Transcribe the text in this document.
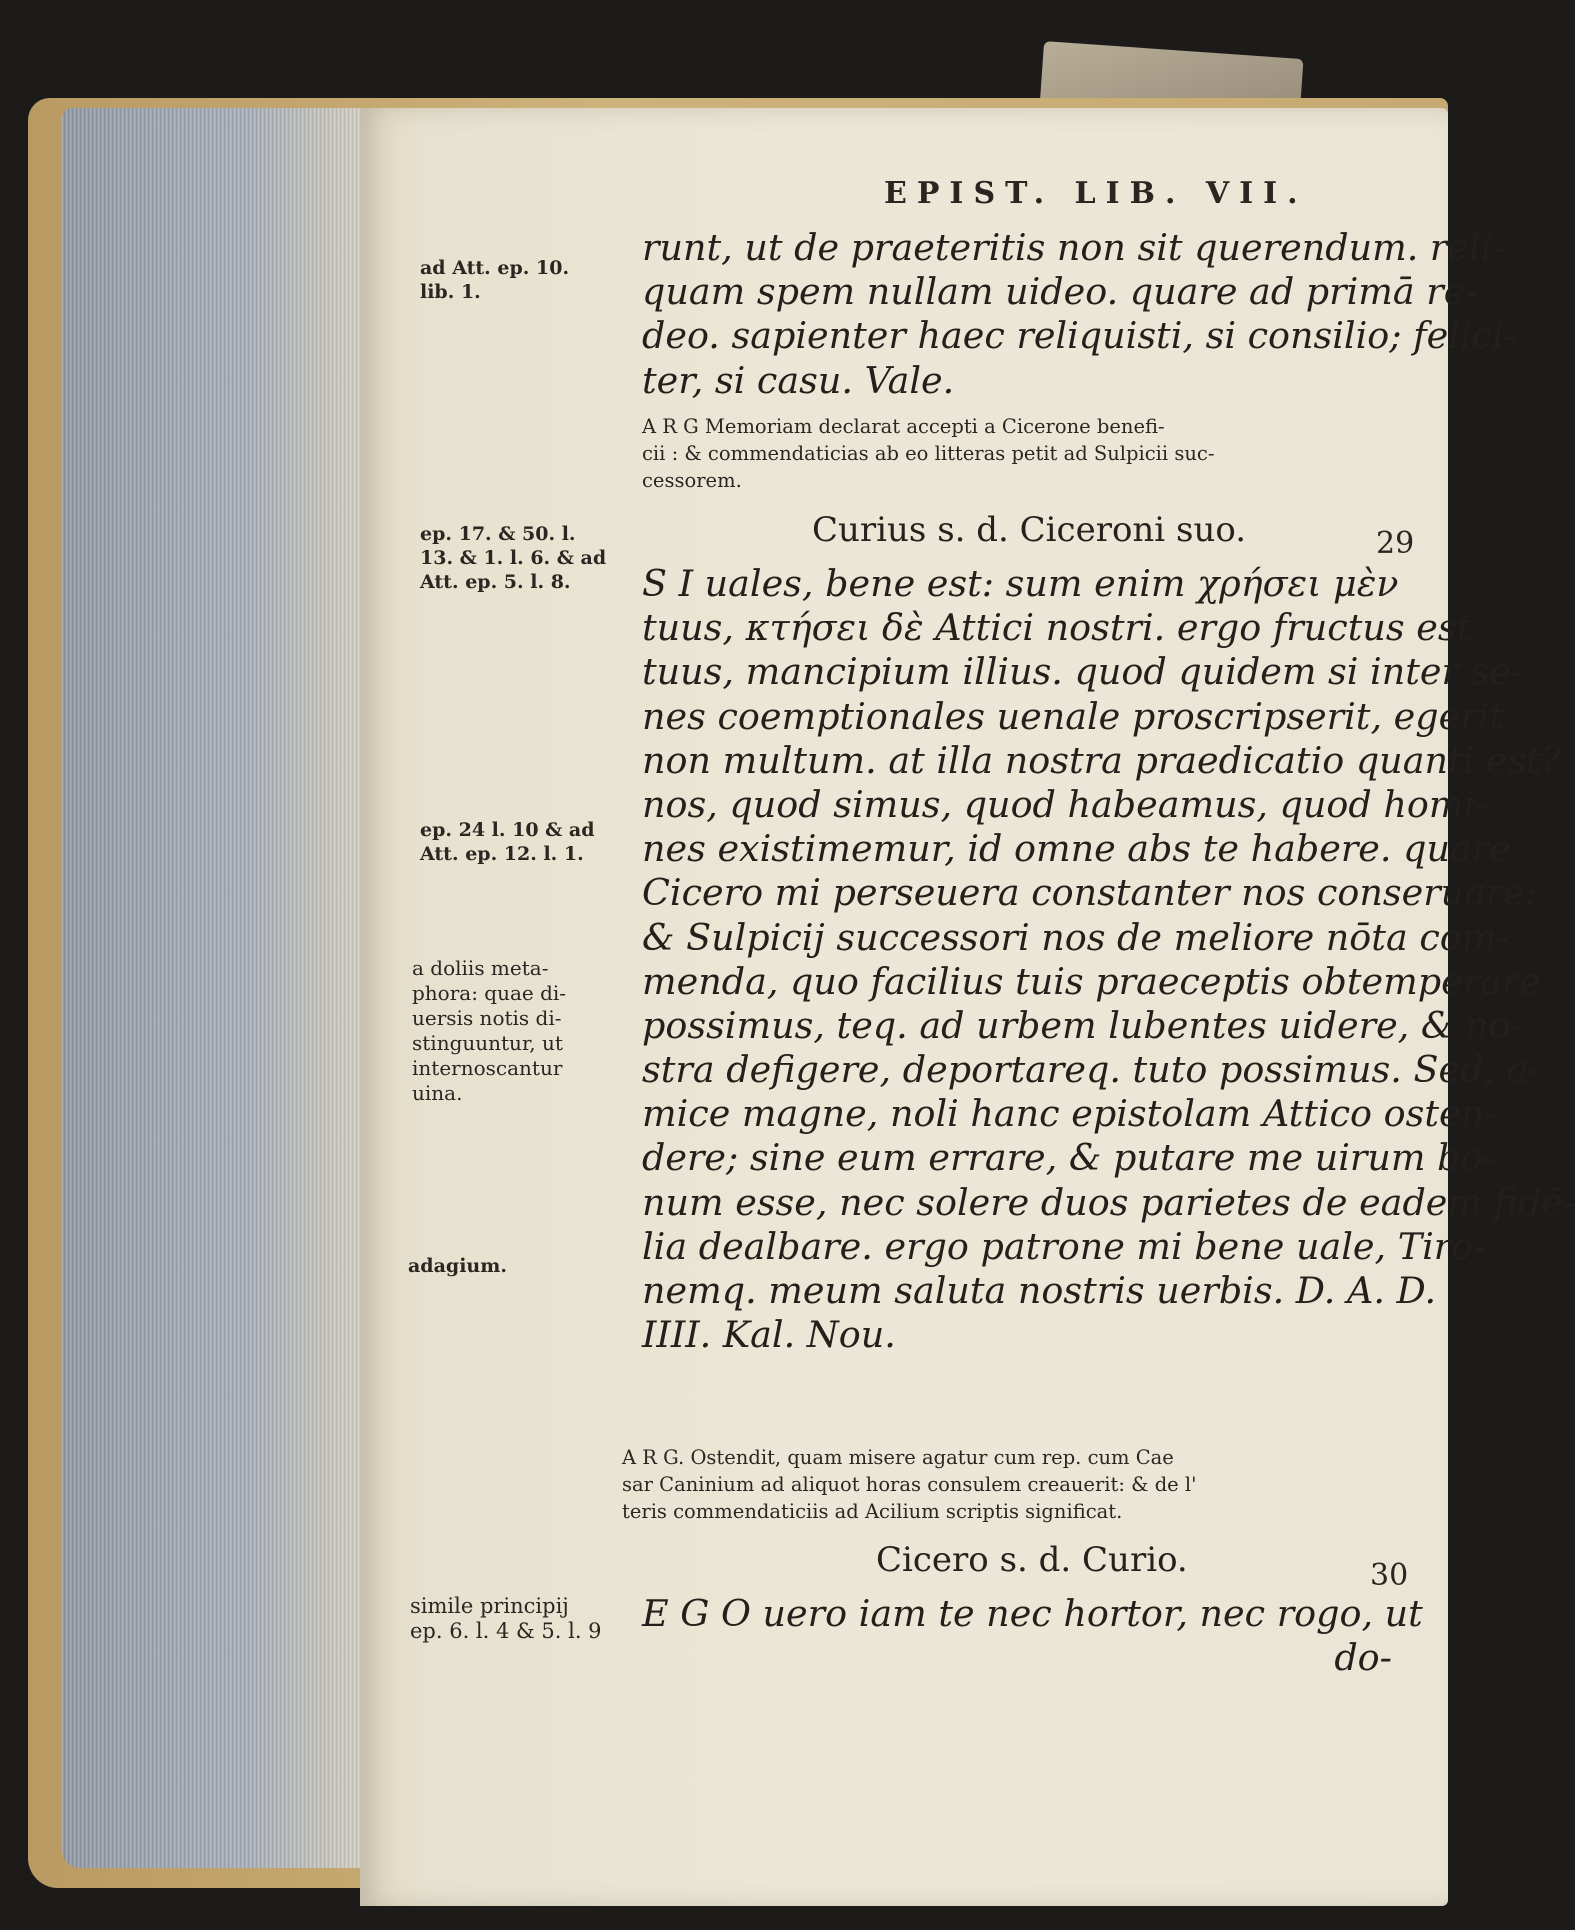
EPIST. LIB. VII.
runt, ut de praeteritis non sit querendum. reli-
quam spem nullam uideo. quare ad primā re-
deo. sapienter haec reliquisti, si consilio; felici-
ter, si casu. Vale.
A R G Memoriam declarat accepti a Cicerone benefi-
cii : & commendaticias ab eo litteras petit ad Sulpicii suc-
cessorem.
Curius s. d. Ciceroni suo.	29
S I uales, bene est: sum enim χρήσει μὲν
tuus, κτήσει δὲ Attici nostri. ergo fructus est
tuus, mancipium illius. quod quidem si inter se-
nes coemptionales uenale proscripserit, egerit
non multum. at illa nostra praedicatio quanti est?
nos, quod simus, quod habeamus, quod homi-
nes existimemur, id omne abs te habere. quare
Cicero mi perseuera constanter nos conseruare:
& Sulpicij successori nos de meliore nōta com-
menda, quo facilius tuis praeceptis obtemperare
possimus, teq. ad urbem lubentes uidere, & no-
stra defigere, deportareq. tuto possimus. Sed, a-
mice magne, noli hanc epistolam Attico osten-
dere; sine eum errare, & putare me uirum bo-
num esse, nec solere duos parietes de eadem fidē-
lia dealbare. ergo patrone mi bene uale, Tiro-
nemq. meum saluta nostris uerbis. D. A. D.
IIII. Kal. Nou.
A R G. Ostendit, quam misere agatur cum rep. cum Cae
sar Caninium ad aliquot horas consulem creauerit: & de l'
teris commendaticiis ad Acilium scriptis significat.
Cicero s. d. Curio.	30
E G O uero iam te nec hortor, nec rogo, ut
do-
ad Att. ep. 10.
lib. 1.
ep. 17. & 50. l.
13. & 1. l. 6. & ad
Att. ep. 5. l. 8.
ep. 24 l. 10 & ad
Att. ep. 12. l. 1.
a doliis meta-
phora: quae di-
uersis notis di-
stinguuntur, ut
internoscantur
uina.
adagium.
simile principij
ep. 6. l. 4 & 5. l. 9
